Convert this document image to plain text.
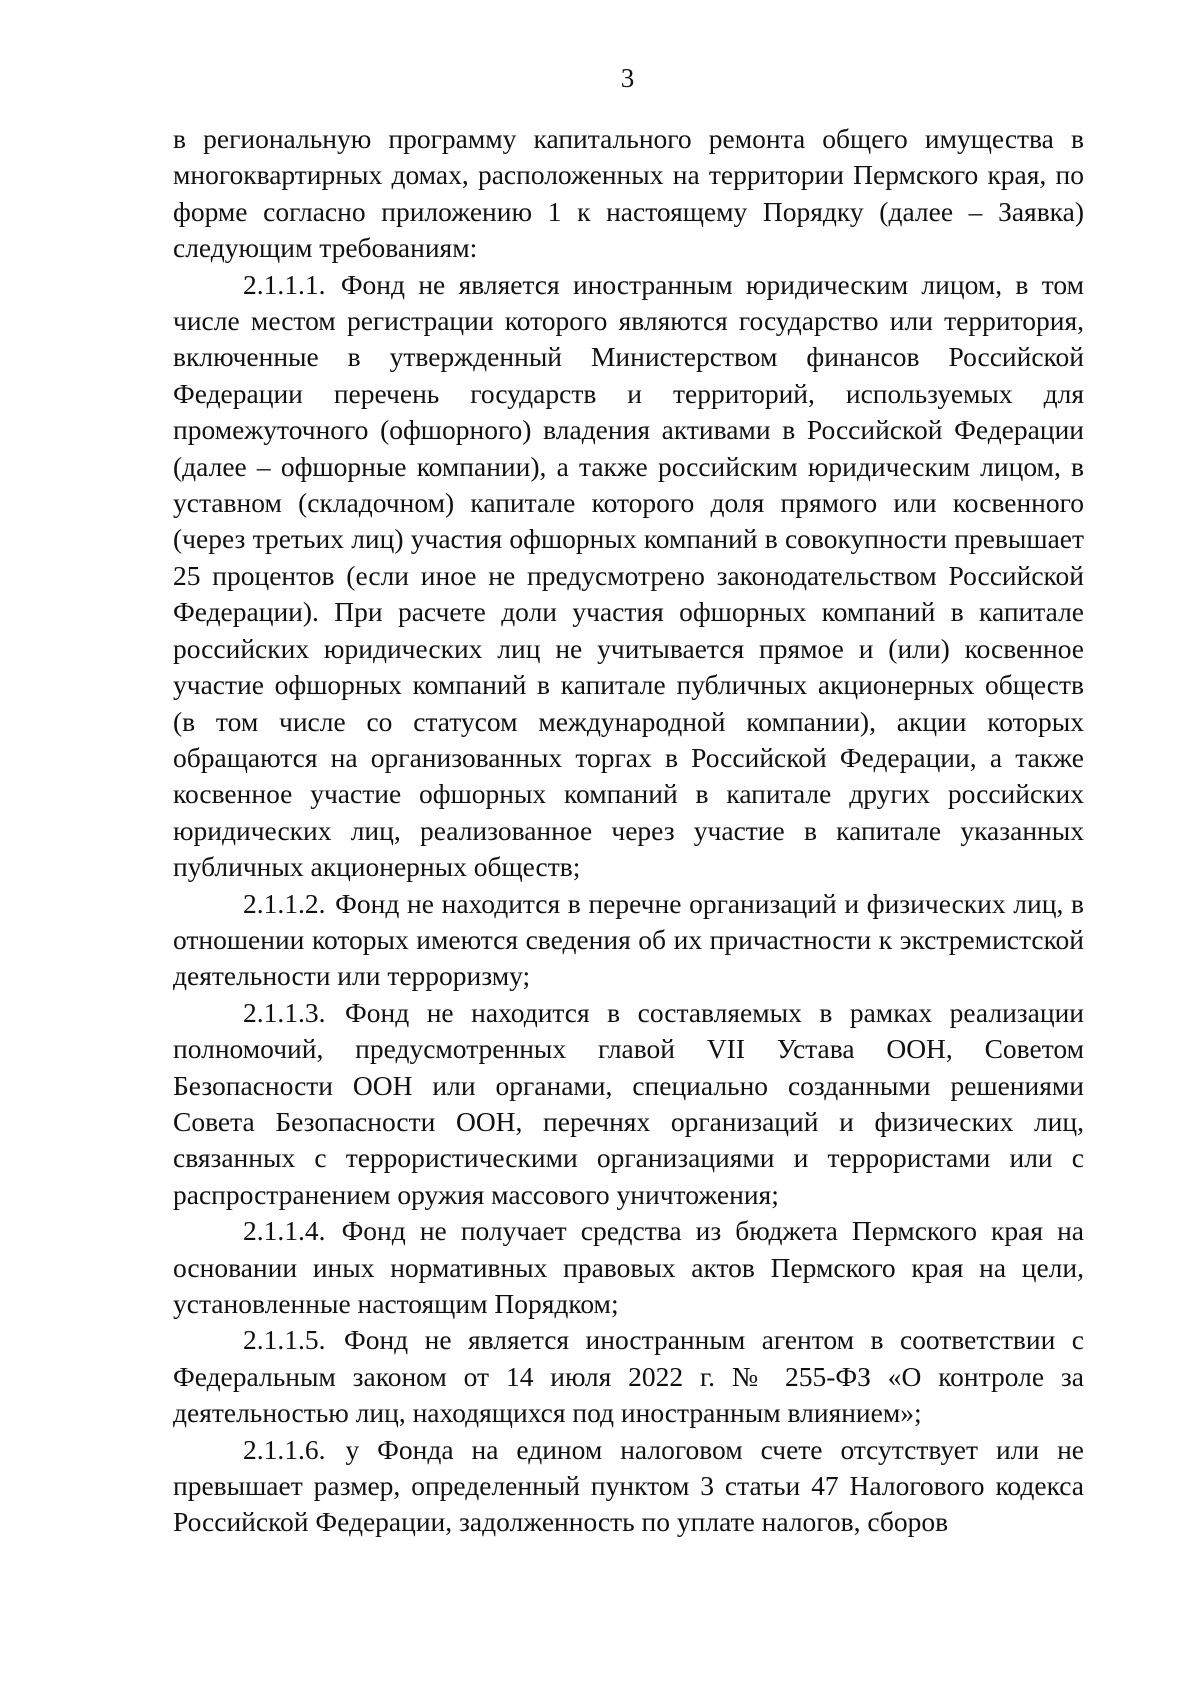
3

в региональную программу капитального ремонта общего имущества в многоквартирных домах, расположенных на территории Пермского края, по форме согласно приложению 1 к настоящему Порядку (далее – Заявка) следующим требованиям:

2.1.1.1. Фонд не является иностранным юридическим лицом, в том числе местом регистрации которого являются государство или территория, включенные в утвержденный Министерством финансов Российской Федерации перечень государств и территорий, используемых для промежуточного (офшорного) владения активами в Российской Федерации (далее – офшорные компании), а также российским юридическим лицом, в уставном (складочном) капитале которого доля прямого или косвенного (через третьих лиц) участия офшорных компаний в совокупности превышает 25 процентов (если иное не предусмотрено законодательством Российской Федерации). При расчете доли участия офшорных компаний в капитале российских юридических лиц не учитывается прямое и (или) косвенное участие офшорных компаний в капитале публичных акционерных обществ (в том числе со статусом международной компании), акции которых обращаются на организованных торгах в Российской Федерации, а также косвенное участие офшорных компаний в капитале других российских юридических лиц, реализованное через участие в капитале указанных публичных акционерных обществ;

2.1.1.2. Фонд не находится в перечне организаций и физических лиц, в отношении которых имеются сведения об их причастности к экстремистской деятельности или терроризму;

2.1.1.3. Фонд не находится в составляемых в рамках реализации полномочий, предусмотренных главой VII Устава ООН, Советом Безопасности ООН или органами, специально созданными решениями Совета Безопасности ООН, перечнях организаций и физических лиц, связанных с террористическими организациями и террористами или с распространением оружия массового уничтожения;

2.1.1.4. Фонд не получает средства из бюджета Пермского края на основании иных нормативных правовых актов Пермского края на цели, установленные настоящим Порядком;

2.1.1.5. Фонд не является иностранным агентом в соответствии с Федеральным законом от 14 июля 2022 г. № 255-ФЗ «О контроле за деятельностью лиц, находящихся под иностранным влиянием»;

2.1.1.6. у Фонда на едином налоговом счете отсутствует или не превышает размер, определенный пунктом 3 статьи 47 Налогового кодекса Российской Федерации, задолженность по уплате налогов, сборов
